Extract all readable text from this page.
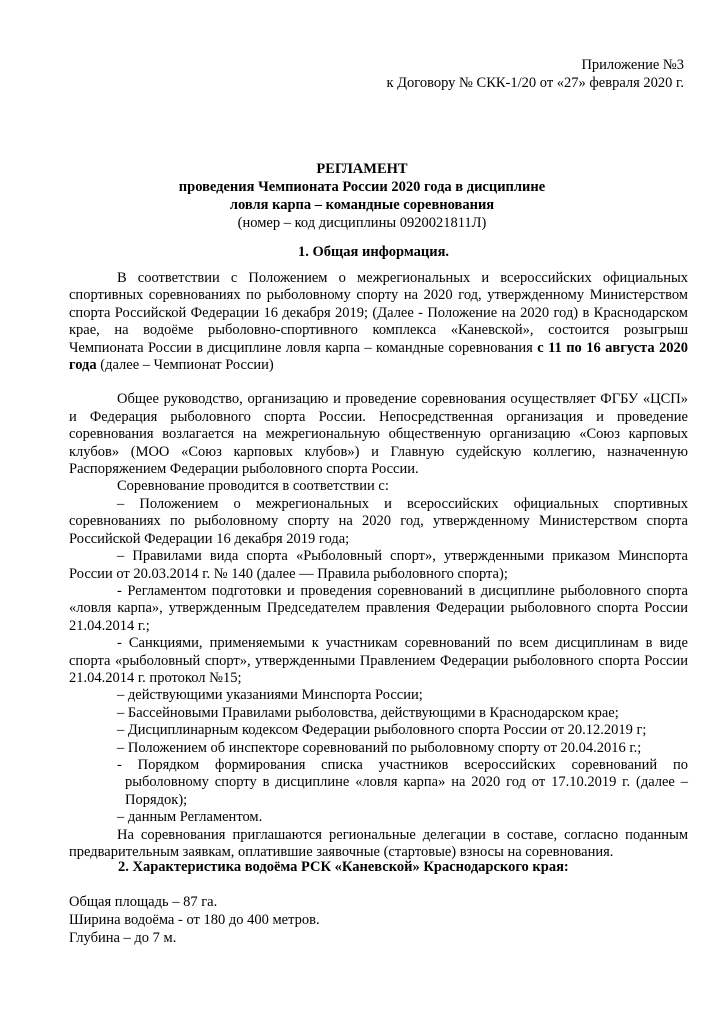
Приложение №3
к Договору № СКК-1/20 от «27» февраля 2020 г.
РЕГЛАМЕНТ
проведения Чемпионата России 2020 года в дисциплине
ловля карпа – командные соревнования
(номер – код дисциплины 0920021811Л)
1. Общая информация.

В соответствии с Положением о межрегиональных и всероссийских официальных спортивных соревнованиях по рыболовному спорту на 2020 год, утвержденному Министерством спорта Российской Федерации 16 декабря 2019; (Далее - Положение на 2020 год) в Краснодарском крае, на водоёме рыболовно-спортивного комплекса «Каневской», состоится розыгрыш Чемпионата России в дисциплине ловля карпа – командные соревнования с 11 по 16 августа 2020 года (далее – Чемпионат России)

Общее руководство, организацию и проведение соревнования осуществляет ФГБУ «ЦСП» и Федерация рыболовного спорта России. Непосредственная организация и проведение соревнования возлагается на межрегиональную общественную организацию «Союз карповых клубов» (МОО «Союз карповых клубов») и Главную судейскую коллегию, назначенную Распоряжением Федерации рыболовного спорта России.

Соревнование проводится в соответствии с:

– Положением о межрегиональных и всероссийских официальных спортивных соревнованиях по рыболовному спорту на 2020 год, утвержденному Министерством спорта Российской Федерации 16 декабря 2019 года;

– Правилами вида спорта «Рыболовный спорт», утвержденными приказом Минспорта России от 20.03.2014 г. № 140 (далее — Правила рыболовного спорта);

- Регламентом подготовки и проведения соревнований в дисциплине рыболовного спорта «ловля карпа», утвержденным Председателем правления Федерации рыболовного спорта России 21.04.2014 г.;

- Санкциями, применяемыми к участникам соревнований по всем дисциплинам в виде спорта «рыболовный спорт», утвержденными Правлением Федерации рыболовного спорта России 21.04.2014 г. протокол №15;

– действующими указаниями Минспорта России;

– Бассейновыми Правилами рыболовства, действующими в Краснодарском крае;

– Дисциплинарным кодексом Федерации рыболовного спорта России от 20.12.2019 г;

– Положением об инспекторе соревнований по рыболовному спорту от 20.04.2016 г.;

- Порядком формирования списка участников всероссийских соревнований по рыболовному спорту в дисциплине «ловля карпа» на 2020 год от 17.10.2019 г. (далее – Порядок);

– данным Регламентом.

На соревнования приглашаются региональные делегации в составе, согласно поданным предварительным заявкам, оплатившие заявочные (стартовые) взносы на соревнования.

2. Характеристика водоёма РСК «Каневской» Краснодарского края:
Общая площадь – 87 га.
Ширина водоёма - от 180 до 400 метров.
Глубина – до 7 м.
